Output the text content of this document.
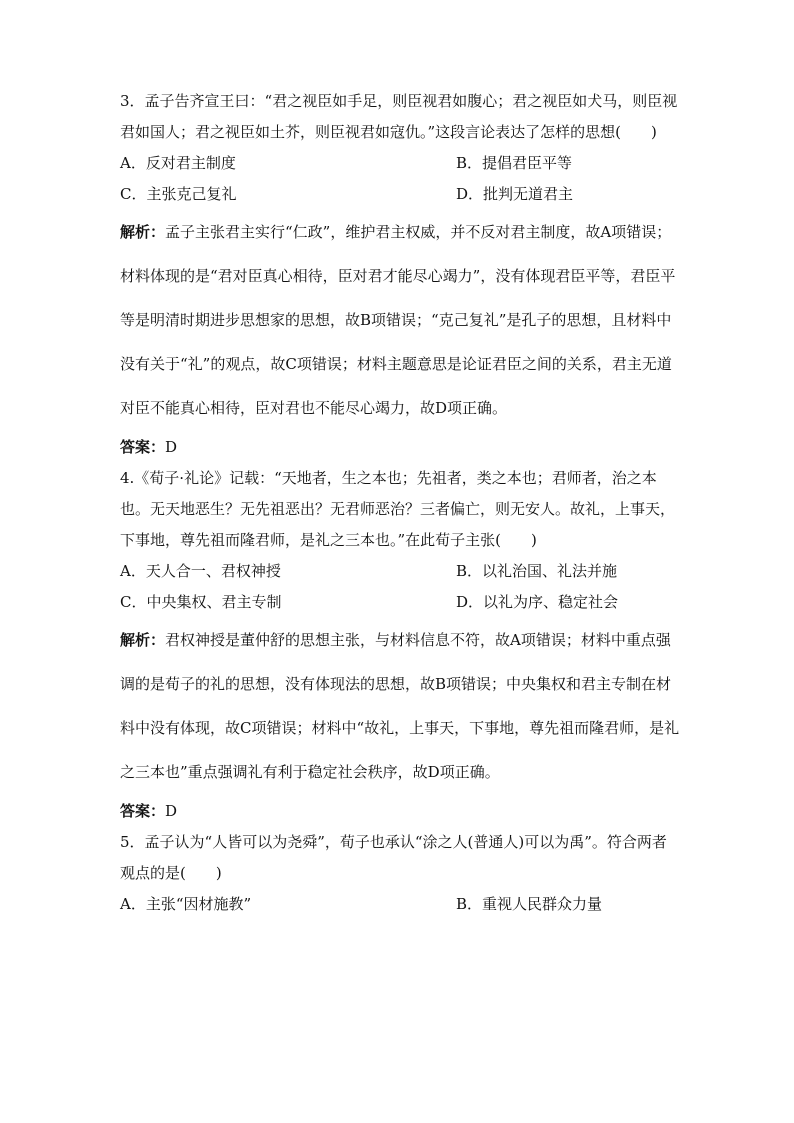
3．孟子告齐宣王曰：“君之视臣如手足，则臣视君如腹心；君之视臣如犬马，则臣视君如国人；君之视臣如土芥，则臣视君如寇仇。”这段言论表达了怎样的思想(　　)

A．反对君主制度	B．提倡君臣平等
C．主张克己复礼	D．批判无道君主

解析：孟子主张君主实行“仁政”，维护君主权威，并不反对君主制度，故A项错误；材料体现的是“君对臣真心相待，臣对君才能尽心竭力”，没有体现君臣平等，君臣平等是明清时期进步思想家的思想，故B项错误；“克己复礼”是孔子的思想，且材料中没有关于“礼”的观点，故C项错误；材料主题意思是论证君臣之间的关系，君主无道对臣不能真心相待，臣对君也不能尽心竭力，故D项正确。

答案：D

4.《荀子·礼论》记载：“天地者，生之本也；先祖者，类之本也；君师者，治之本也。无天地恶生？无先祖恶出？无君师恶治？三者偏亡，则无安人。故礼，上事天，下事地，尊先祖而隆君师，是礼之三本也。”在此荀子主张(　　)

A．天人合一、君权神授	B．以礼治国、礼法并施
C．中央集权、君主专制	D．以礼为序、稳定社会

解析：君权神授是董仲舒的思想主张，与材料信息不符，故A项错误；材料中重点强调的是荀子的礼的思想，没有体现法的思想，故B项错误；中央集权和君主专制在材料中没有体现，故C项错误；材料中“故礼，上事天，下事地，尊先祖而隆君师，是礼之三本也”重点强调礼有利于稳定社会秩序，故D项正确。

答案：D

5．孟子认为“人皆可以为尧舜”，荀子也承认“涂之人(普通人)可以为禹”。符合两者观点的是(　　)

A．主张“因材施教”	B．重视人民群众力量
